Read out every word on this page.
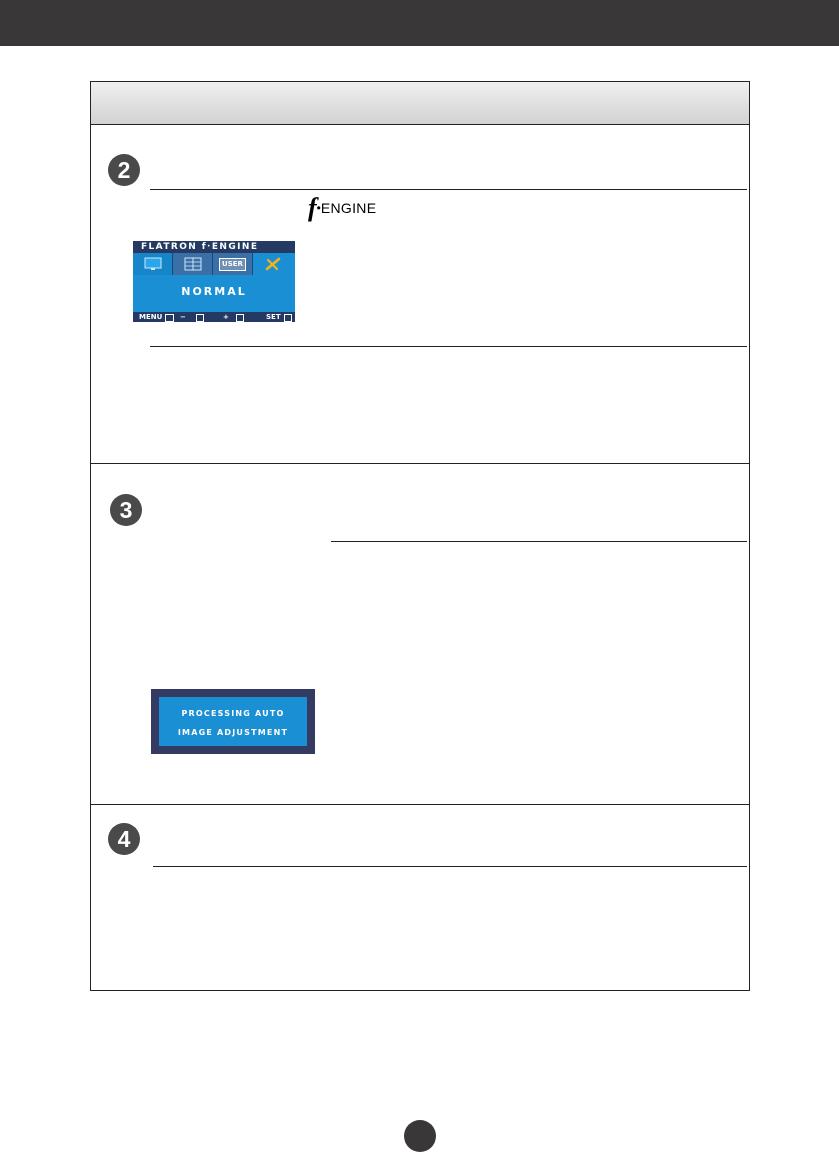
2
f•ENGINE
FLATRON f·ENGINE
USER
NORMAL
MENU	−	+	SET
3
PROCESSING AUTO
IMAGE ADJUSTMENT
4
